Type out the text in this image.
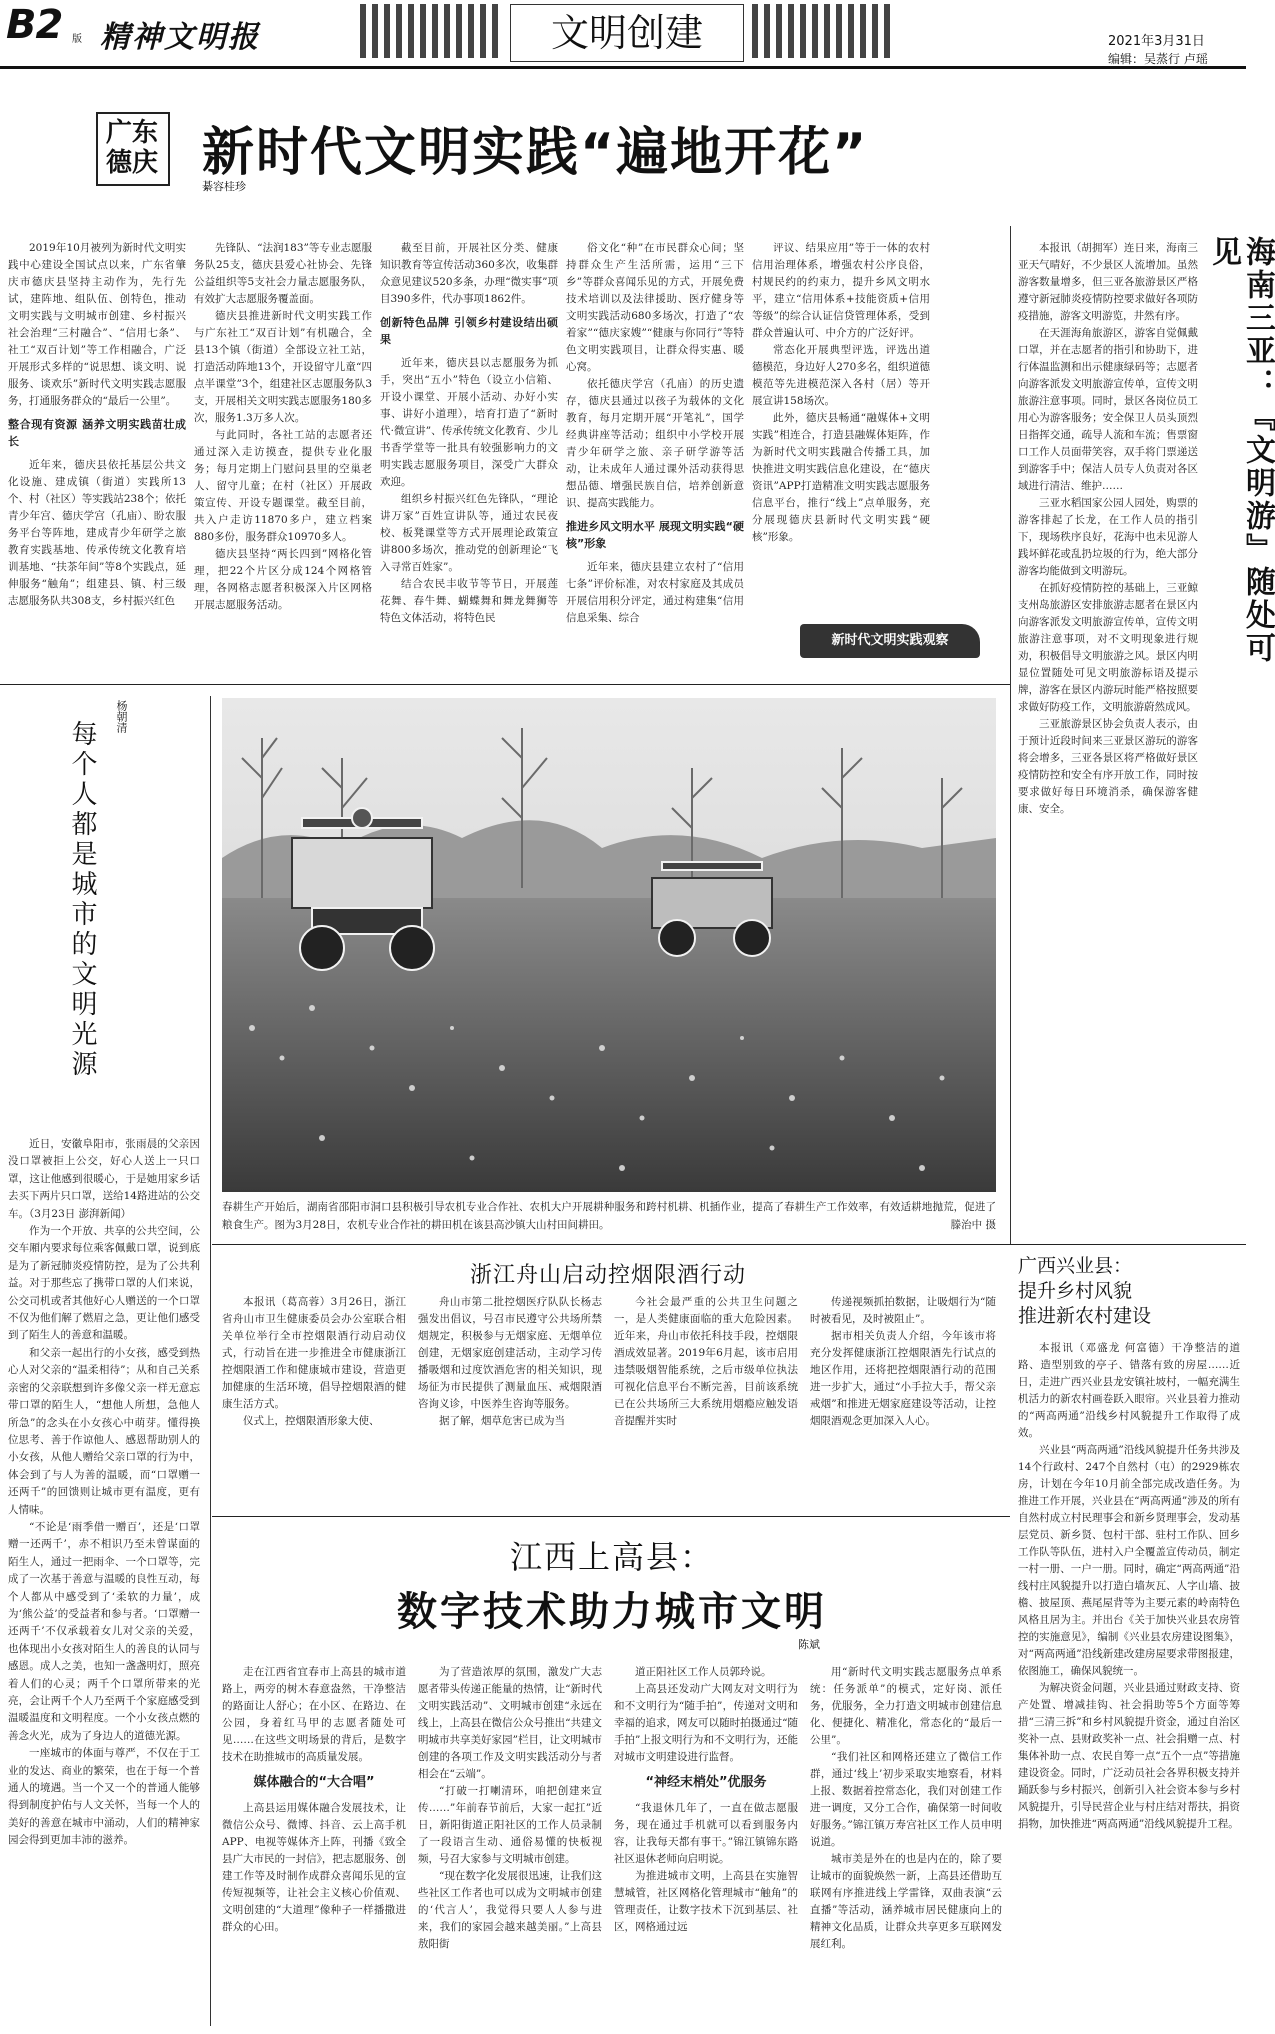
B2 版 精神文明报	文明创建	2021年3月31日
编辑：吴蒸行 卢瑶
广东
德庆 新时代文明实践“遍地开花”
綦容桂珍

2019年10月被列为新时代文明实践中心建设全国试点以来，广东省肇庆市德庆县坚持主动作为，先行先试，建阵地、组队伍、创特色，推动文明实践与文明城市创建、乡村振兴社会治理“三村融合”、“信用七条”、社工“双百计划”等工作相融合，广泛开展形式多样的“说思想、谈文明、说服务、谈欢乐”新时代文明实践志愿服务，打通服务群众的“最后一公里”。

整合现有资源 涵养文明实践苗壮成长

近年来，德庆县依托基层公共文化设施、建成镇（街道）实践所13个、村（社区）等实践站238个；依托青少年宫、德庆学宫（孔庙）、盼农服务平台等阵地，建成青少年研学之旅教育实践基地、传承传统文化教育培训基地、“扶茶年间”等8个实践点，延伸服务“触角”；组建县、镇、村三级志愿服务队共308支，乡村振兴红色

先锋队、“法润183”等专业志愿服务队25支，德庆县爱心社协会、先锋公益组织等5支社会力量志愿服务队，有效扩大志愿服务覆盖面。

德庆县推进新时代文明实践工作与广东社工“双百计划”有机融合，全县13个镇（街道）全部设立社工站，打造活动阵地13个，开设留守儿童“四点半课堂”3个，组建社区志愿服务队3支，开展相关文明实践志愿服务180多次，服务1.3万多人次。

与此同时，各社工站的志愿者还通过深入走访摸查，提供专业化服务；每月定期上门慰问县里的空巢老人、留守儿童；在村（社区）开展政策宣传、开设专题课堂。截至目前，共入户走访11870多户，建立档案880多份，服务群众10970多人。

德庆县坚持“两长四到”网格化管理，把22个片区分成124个网格管理，各网格志愿者积极深入片区网格开展志愿服务活动。

截至目前，开展社区分类、健康知识教育等宣传活动360多次，收集群众意见建议520多条，办理“微实事”项目390多件，代办事项1862件。

创新特色品牌 引领乡村建设结出硕果

近年来，德庆县以志愿服务为抓手，突出“五小”特色（设立小信箱、开设小课堂、开展小活动、办好小实事、讲好小道理），培育打造了“新时代·微宣讲”、传承传统文化教育、少儿书香学堂等一批具有较强影响力的文明实践志愿服务项目，深受广大群众欢迎。

组织乡村振兴红色先锋队，“理论讲万家”百姓宣讲队等，通过农民夜校、板凳课堂等方式开展理论政策宣讲800多场次，推动党的创新理论“飞入寻常百姓家”。

结合农民丰收节等节日，开展莲花舞、春牛舞、蝴蝶舞和舞龙舞狮等特色文体活动，将特色民

俗文化“种”在市民群众心间；坚持群众生产生活所需，运用“三下乡”等群众喜闻乐见的方式，开展免费技术培训以及法律援助、医疗健身等文明实践活动680多场次，打造了“农着家”“德庆家嫂”“健康与你同行”等特色文明实践项目，让群众得实惠、暖心窝。

依托德庆学宫（孔庙）的历史遗存，德庆县通过以孩子为载体的文化教育，每月定期开展“开笔礼”，国学经典讲座等活动；组织中小学校开展青少年研学之旅、亲子研学游等活动，让未成年人通过课外活动获得思想品德、增强民族自信，培养创新意识、提高实践能力。

推进乡风文明水平 展现文明实践“硬核”形象

近年来，德庆县建立农村了“信用七条”评价标准，对农村家庭及其成员开展信用积分评定，通过构建集“信用信息采集、综合

评议、结果应用”等于一体的农村信用治理体系，增强农村公序良俗，村规民约的约束力，提升乡风文明水平，建立“信用体系+技能资质+信用等级”的综合认证信贷管理体系，受到群众普遍认可、中介方的广泛好评。

常态化开展典型评选，评选出道德模范，身边好人270多名，组织道德模范等先进模范深入各村（居）等开展宣讲158场次。

此外，德庆县畅通“融媒体+文明实践”相连合，打造县融媒体矩阵，作为新时代文明实践融合传播工具，加快推进文明实践信息化建设，在“德庆资讯”APP打造精准文明实践志愿服务信息平台，推行“线上”点单服务，充分展现德庆县新时代文明实践“硬核”形象。

新时代文明实践观察	海南三亚：『文明游』随处可见

本报讯（胡拥军）连日来，海南三亚天气晴好，不少景区人流增加。虽然游客数量增多，但三亚各旅游景区严格遵守新冠肺炎疫情防控要求做好各项防疫措施，游客文明游览，井然有序。

在天涯海角旅游区，游客自觉佩戴口罩，并在志愿者的指引和协助下，进行体温监测和出示健康绿码等；志愿者向游客派发文明旅游宣传单，宣传文明旅游注意事项。同时，景区各岗位员工用心为游客服务；安全保卫人员头顶烈日指挥交通，疏导人流和车流；售票窗口工作人员面带笑容，双手将门票递送到游客手中；保洁人员专人负责对各区域进行清洁、维护……

三亚水稻国家公园人园处，购票的游客排起了长龙，在工作人员的指引下，现场秩序良好，花海中也未见游人践坏鲜花或乱扔垃圾的行为，绝大部分游客均能做到文明游玩。

在抓好疫情防控的基础上，三亚鲸支州岛旅游区安排旅游志愿者在景区内向游客派发文明旅游宣传单，宣传文明旅游注意事项，对不文明现象进行规劝，积极倡导文明旅游之风。景区内明显位置随处可见文明旅游标语及提示牌，游客在景区内游玩时能严格按照要求做好防疫工作，文明旅游蔚然成风。

三亚旅游景区协会负责人表示，由于预计近段时间来三亚景区游玩的游客将会增多，三亚各景区将严格做好景区疫情防控和安全有序开放工作，同时按要求做好每日环境消杀，确保游客健康、安全。

杨朝清
每个人都是城市的文明光源

近日，安徽阜阳市，张雨晨的父亲因没口罩被拒上公交，好心人送上一只口罩，这让他感到很暖心，于是她用家乡话去买下两片只口罩，送给14路进站的公交车。（3月23日 澎湃新闻）

作为一个开放、共享的公共空间，公交车厢内要求每位乘客佩戴口罩，说到底是为了新冠肺炎疫情防控，是为了公共利益。对于那些忘了携带口罩的人们来说，公交司机或者其他好心人赠送的一个口罩不仅为他们解了燃眉之急，更让他们感受到了陌生人的善意和温暖。

和父亲一起出行的小女孩，感受到热心人对父亲的“温柔相待”；从和自己关系亲密的父亲联想到许多像父亲一样无意忘带口罩的陌生人，“想他人所想，急他人所急”的念头在小女孩心中萌芽。懂得换位思考、善于作谅他人、感恩帮助别人的小女孩，从他人赠给父亲口罩的行为中，体会到了与人为善的温暖，而“口罩赠一还两千”的回馈则让城市更有温度，更有人情味。

“不论是‘雨季借一赠百’，还是‘口罩赠一还两千’，赤不相识乃至未曾谋面的陌生人，通过一把雨伞、一个口罩等，完成了一次基于善意与温暖的良性互动，每个人都从中感受到了‘柔软的力量’，成为‘熊公益’的受益者和参与者。‘口罩赠一还两千’不仅承载着女儿对父亲的关爱，也体现出小女孩对陌生人的善良的认同与感恩。成人之美，也知一盏盏明灯，照亮着人们的心灵；两千个口罩所带来的光亮，会让两千个人乃至两千个家庭感受到温暖温度和文明程度。一个小女孩点燃的善念火光，成为了身边人的道德光源。

一座城市的体面与尊严，不仅在于工业的发达、商业的繁荣，也在于每一个普通人的境遇。当一个又一个的普通人能够得到制度护佑与人文关怀，当每一个人的美好的善意在城市中涌动，人们的精神家园会得到更加丰沛的滋养。

春耕生产开始后，湖南省邵阳市洞口县积极引导农机专业合作社、农机大户开展耕种服务和跨村机耕、机插作业，提高了春耕生产工作效率，有效适耕地抛荒，促进了粮食生产。图为3月28日，农机专业合作社的耕田机在该县高沙镇大山村田间耕田。	滕治中 摄
浙江舟山启动控烟限酒行动

本报讯（葛高蓉）3月26日，浙江省舟山市卫生健康委员会办公室联合相关单位举行全市控烟限酒行动启动仪式，行动旨在进一步推进全市健康浙江控烟限酒工作和健康城市建设，营造更加健康的生活环境，倡导控烟限酒的健康生活方式。

仪式上，控烟限酒形象大使、

舟山市第二批控烟医疗队队长杨志强发出倡议，号召市民遵守公共场所禁烟规定，积极参与无烟家庭、无烟单位创建，无烟家庭创建活动，主动学习传播吸烟和过度饮酒危害的相关知识，现场征为市民提供了测量血压、戒烟限酒咨询义诊，中医养生咨询等服务。

据了解，烟草危害已成为当

今社会最严重的公共卫生问题之一，是人类健康面临的重大危险因素。近年来，舟山市依托科技手段，控烟限酒成效显著。2019年6月起，该市启用违禁吸烟智能系统，之后市级单位执法可视化信息平台不断完善，目前该系统已在公共场所三大系统用烟瘾应触发语音提醒并实时

传递视频抓拍数据，让吸烟行为“随时被看见，及时被阻止”。

据市相关负责人介绍，今年该市将充分发挥健康浙江控烟限酒先行试点的地区作用，还将把控烟限酒行动的范围进一步扩大，通过“小手拉大手，帮父亲戒烟”和推进无烟家庭建设等活动，让控烟限酒观念更加深入人心。

广西兴业县：
提升乡村风貌
推进新农村建设

本报讯（邓盛龙 何富德）干净整洁的道路、造型别致的亭子、错落有致的房屋……近日，走进广西兴业县龙安镇社坡村，一幅充满生机活力的新农村画卷跃入眼帘。兴业县着力推动的“两高两通”沿线乡村风貌提升工作取得了成效。

兴业县“两高两通”沿线风貌提升任务共涉及14个行政村、247个自然村（屯）的2929栋农房，计划在今年10月前全部完成改造任务。为推进工作开展，兴业县在“两高两通”涉及的所有自然村成立村民理事会和新乡贤理事会，发动基层党员、新乡贤、包村干部、驻村工作队、回乡工作队等队伍，进村入户全覆盖宣传动员，制定一村一册、一户一册。同时，确定“两高两通”沿线村庄风貌提升以打造白墙灰瓦、人字山墙、披檐、披屋顶、燕尾屋背等为主要元素的岭南特色风格且居为主。并出台《关于加快兴业县农房管控的实施意见》，编制《兴业县农房建设图集》，对“两高两通”沿线新建改建房屋要求带图报建，依图施工，确保风貌统一。

为解决资金问题，兴业县通过财政支持、资产处置、增减挂钩、社会捐助等5个方面等筹措“三清三拆”和乡村风貌提升资金，通过自治区奖补一点、县财政奖补一点、社会捐赠一点、村集体补助一点、农民自筹一点“五个一点”等措施建设资金。同时，广泛动员社会各界积极支持并踊跃参与乡村振兴，创新引入社会资本参与乡村风貌提升，引导民营企业与村庄结对帮扶，捐资捐物，加快推进“两高两通”沿线风貌提升工程。

江西上高县：
数字技术助力城市文明
陈斌

走在江西省宜春市上高县的城市道路上，两旁的树木春意盎然，干净整洁的路面让人舒心；在小区、在路边、在公园，身着红马甲的志愿者随处可见……在这些文明场景的背后，是数字技术在助推城市的高质量发展。

媒体融合的“大合唱”

上高县运用媒体融合发展技术，让微信公众号、微博、抖音、云上高手机APP、电视等媒体齐上阵，刊播《致全县广大市民的一封信》，把志愿服务、创建工作等及时制作成群众喜闻乐见的宣传短视频等，让社会主义核心价值观、文明创建的“大道理”像种子一样播撒进群众的心田。

为了营造浓厚的氛围，激发广大志愿者带头传递正能量的热情，让“新时代文明实践活动”、文明城市创建“永远在线上，上高县在微信公众号推出“共建文明城市共享美好家园”栏目，让文明城市创建的各项工作及文明实践活动分与者相会在“云端”。

“打破一打喇清环，咱把创建来宣传……”年前春节前后，大家一起扛”近日，新阳街道正阳社区的工作人员录制了一段语言生动、通俗易懂的快板视频，号召大家参与文明城市创建。

“现在数字化发展很迅速，让我们这些社区工作者也可以成为文明城市创建的‘代言人’，我觉得只要人人参与进来，我们的家园会越来越美丽。”上高县敖阳街

道正阳社区工作人员郭玲说。

上高县还发动广大网友对文明行为和不文明行为“随手拍”，传递对文明和幸福的追求，网友可以随时拍摄通过“随手拍”上报文明行为和不文明行为，还能对城市文明建设进行监督。

“神经末梢处”优服务

“我退休几年了，一直在做志愿服务，现在通过手机就可以看到服务内容，让我每天都有事干。”锦江镇锦东路社区退休老师向启明说。

为推进城市文明，上高县在实施智慧城管，社区网格化管理城市“触角”的管理责任，让数字技术下沉到基层、社区，网格通过远

用“新时代文明实践志愿服务点单系统：任务派单”的模式，定好岗、派任务，优服务，全力打造文明城市创建信息化、便捷化、精准化，常态化的“最后一公里”。

“我们社区和网格还建立了微信工作群，通过‘线上’初步采取实地察看，材料上报、数据着控常态化，我们对创建工作进一调度，又分工合作，确保第一时间收好服务。”锦江镇万寿宫社区工作人员申明说道。

城市美是外在的也是内在的，除了要让城市的面貌焕然一新，上高县还借助互联网有序推进线上学雷锋，双曲表演“云直播”等活动，涵养城市居民健康向上的精神文化品质，让群众共享更多互联网发展红利。
